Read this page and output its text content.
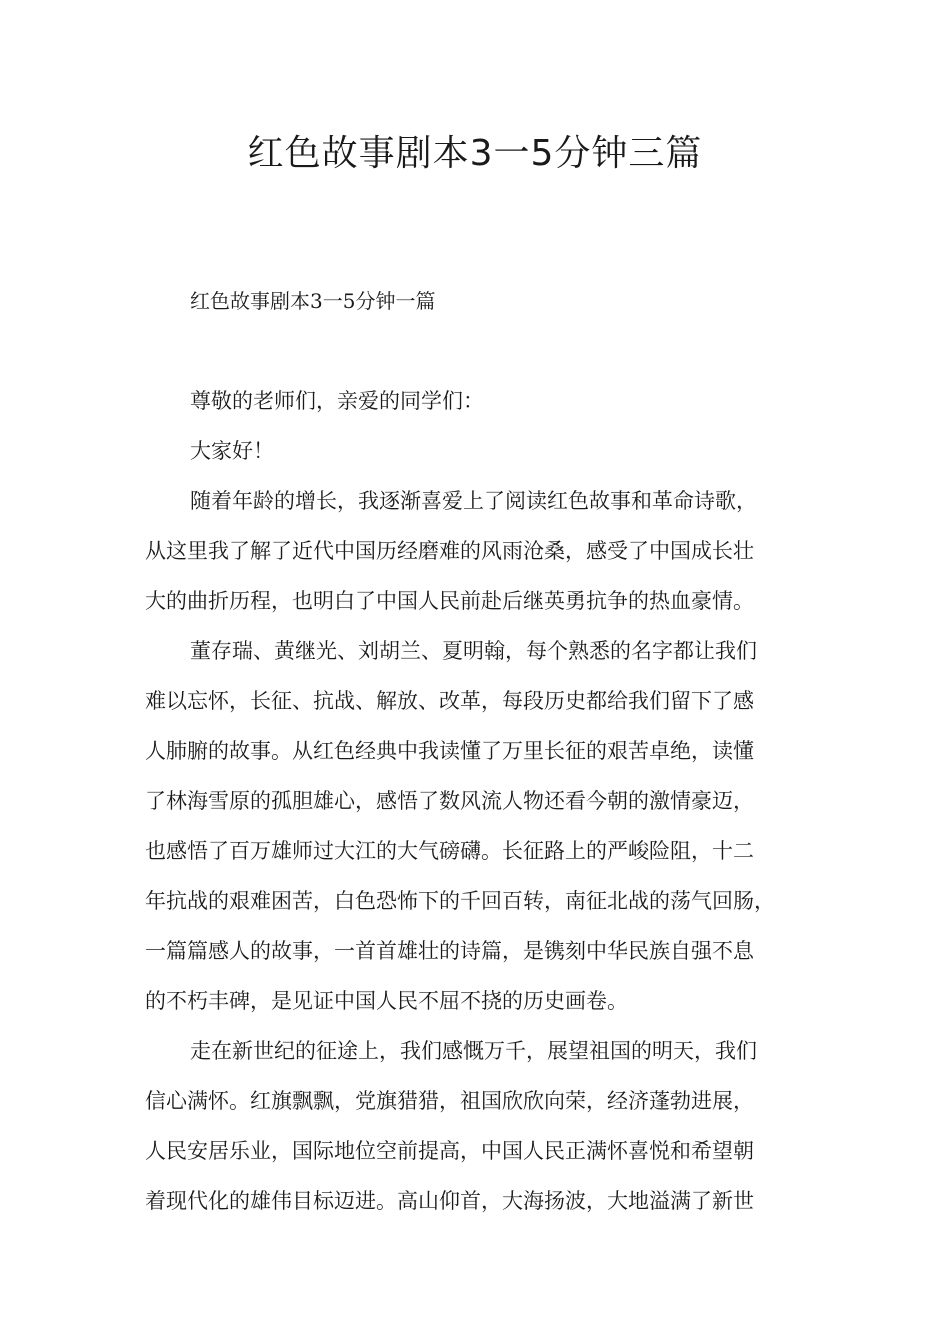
红色故事剧本3一5分钟三篇

红色故事剧本3一5分钟一篇

尊敬的老师们，亲爱的同学们：

大家好！

随着年龄的增长，我逐渐喜爱上了阅读红色故事和革命诗歌，

从这里我了解了近代中国历经磨难的风雨沧桑，感受了中国成长壮

大的曲折历程，也明白了中国人民前赴后继英勇抗争的热血豪情。

董存瑞、黄继光、刘胡兰、夏明翰，每个熟悉的名字都让我们

难以忘怀，长征、抗战、解放、改革，每段历史都给我们留下了感

人肺腑的故事。从红色经典中我读懂了万里长征的艰苦卓绝，读懂

了林海雪原的孤胆雄心，感悟了数风流人物还看今朝的激情豪迈，

也感悟了百万雄师过大江的大气磅礴。长征路上的严峻险阻，十二

年抗战的艰难困苦，白色恐怖下的千回百转，南征北战的荡气回肠，

一篇篇感人的故事，一首首雄壮的诗篇，是镌刻中华民族自强不息

的不朽丰碑，是见证中国人民不屈不挠的历史画卷。

走在新世纪的征途上，我们感慨万千，展望祖国的明天，我们

信心满怀。红旗飘飘，党旗猎猎，祖国欣欣向荣，经济蓬勃进展，

人民安居乐业，国际地位空前提高，中国人民正满怀喜悦和希望朝

着现代化的雄伟目标迈进。高山仰首，大海扬波，大地溢满了新世
